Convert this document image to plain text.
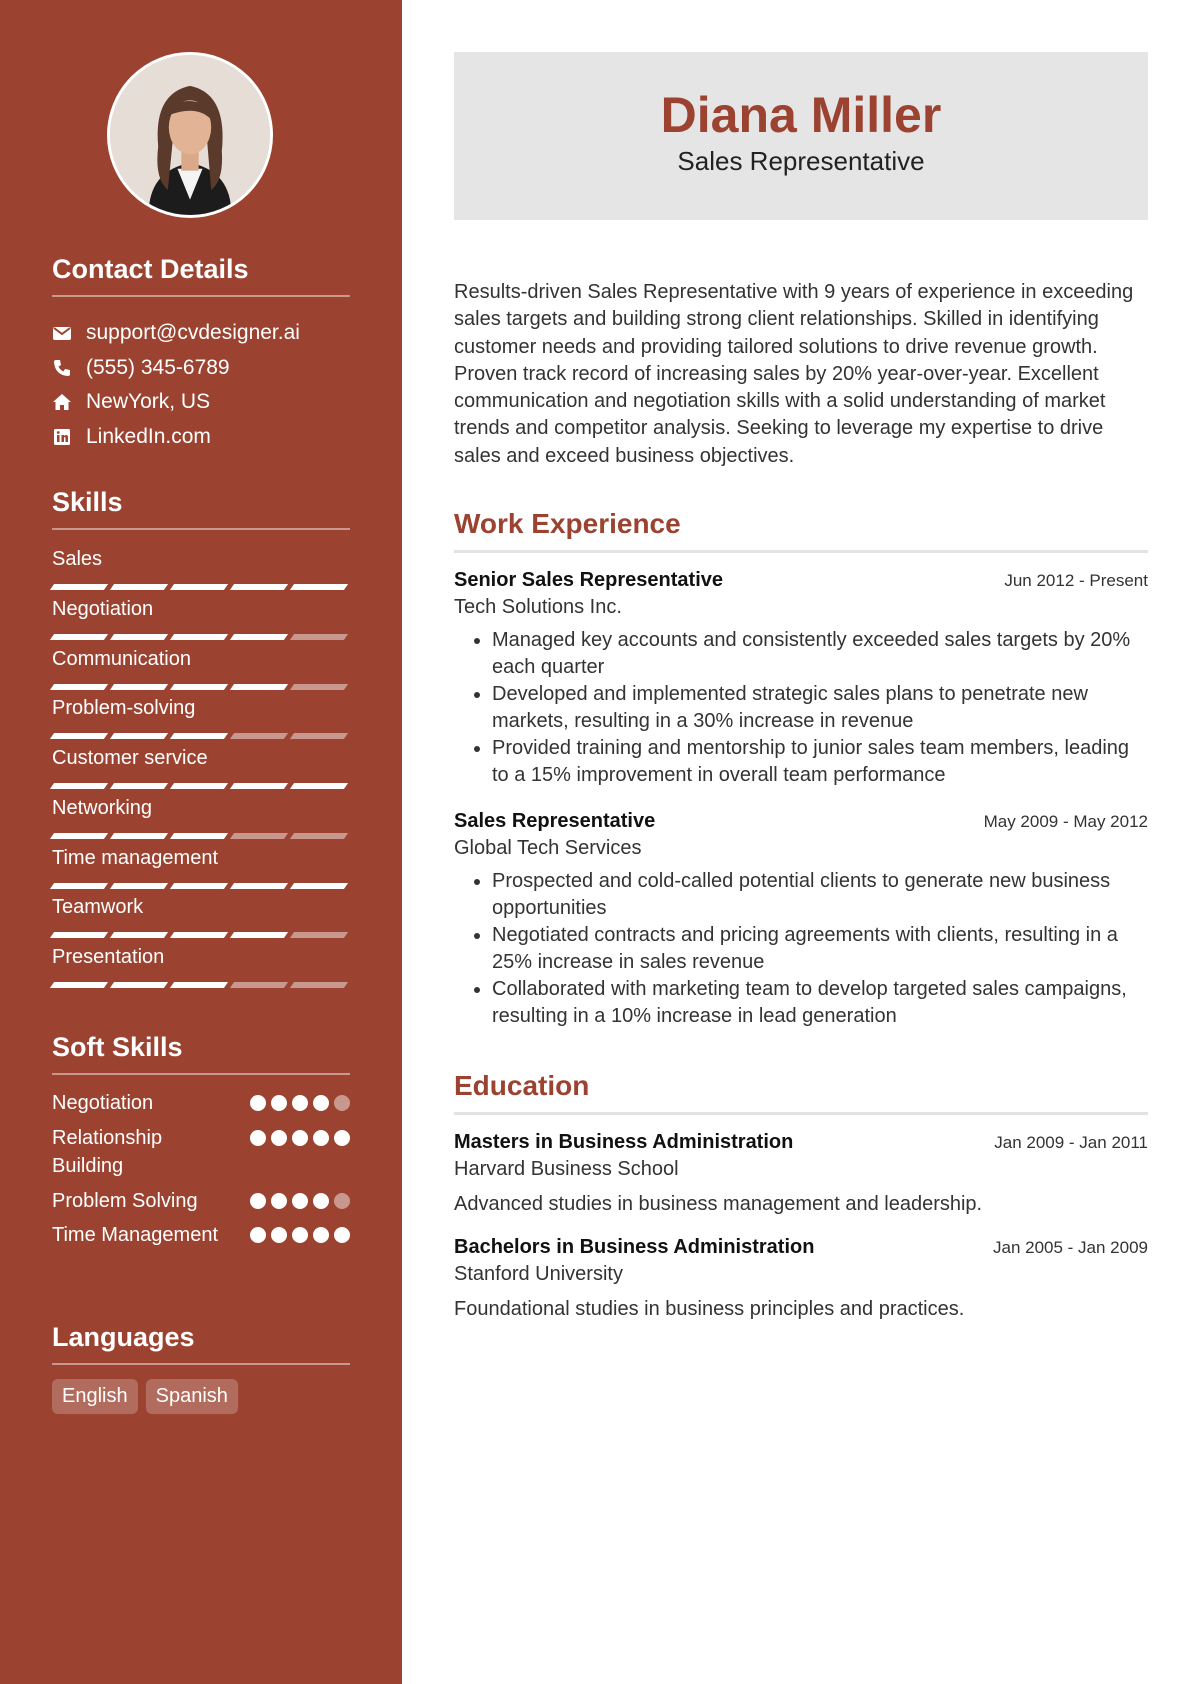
Contact Details
support@cvdesigner.ai
(555) 345-6789
NewYork, US
LinkedIn.com
Skills
Sales
Negotiation
Communication
Problem-solving
Customer service
Networking
Time management
Teamwork
Presentation
Soft Skills
Negotiation
Relationship Building
Problem Solving
Time Management
Languages
English	Spanish
Diana Miller
Sales Representative
Results-driven Sales Representative with 9 years of experience in exceeding sales targets and building strong client relationships. Skilled in identifying customer needs and providing tailored solutions to drive revenue growth. Proven track record of increasing sales by 20% year-over-year. Excellent communication and negotiation skills with a solid understanding of market trends and competitor analysis. Seeking to leverage my expertise to drive sales and exceed business objectives.
Work Experience
Senior Sales Representative	Jun 2012 - Present
Tech Solutions Inc.
• Managed key accounts and consistently exceeded sales targets by 20% each quarter
• Developed and implemented strategic sales plans to penetrate new markets, resulting in a 30% increase in revenue
• Provided training and mentorship to junior sales team members, leading to a 15% improvement in overall team performance
Sales Representative	May 2009 - May 2012
Global Tech Services
• Prospected and cold-called potential clients to generate new business opportunities
• Negotiated contracts and pricing agreements with clients, resulting in a 25% increase in sales revenue
• Collaborated with marketing team to develop targeted sales campaigns, resulting in a 10% increase in lead generation
Education
Masters in Business Administration	Jan 2009 - Jan 2011
Harvard Business School
Advanced studies in business management and leadership.
Bachelors in Business Administration	Jan 2005 - Jan 2009
Stanford University
Foundational studies in business principles and practices.
